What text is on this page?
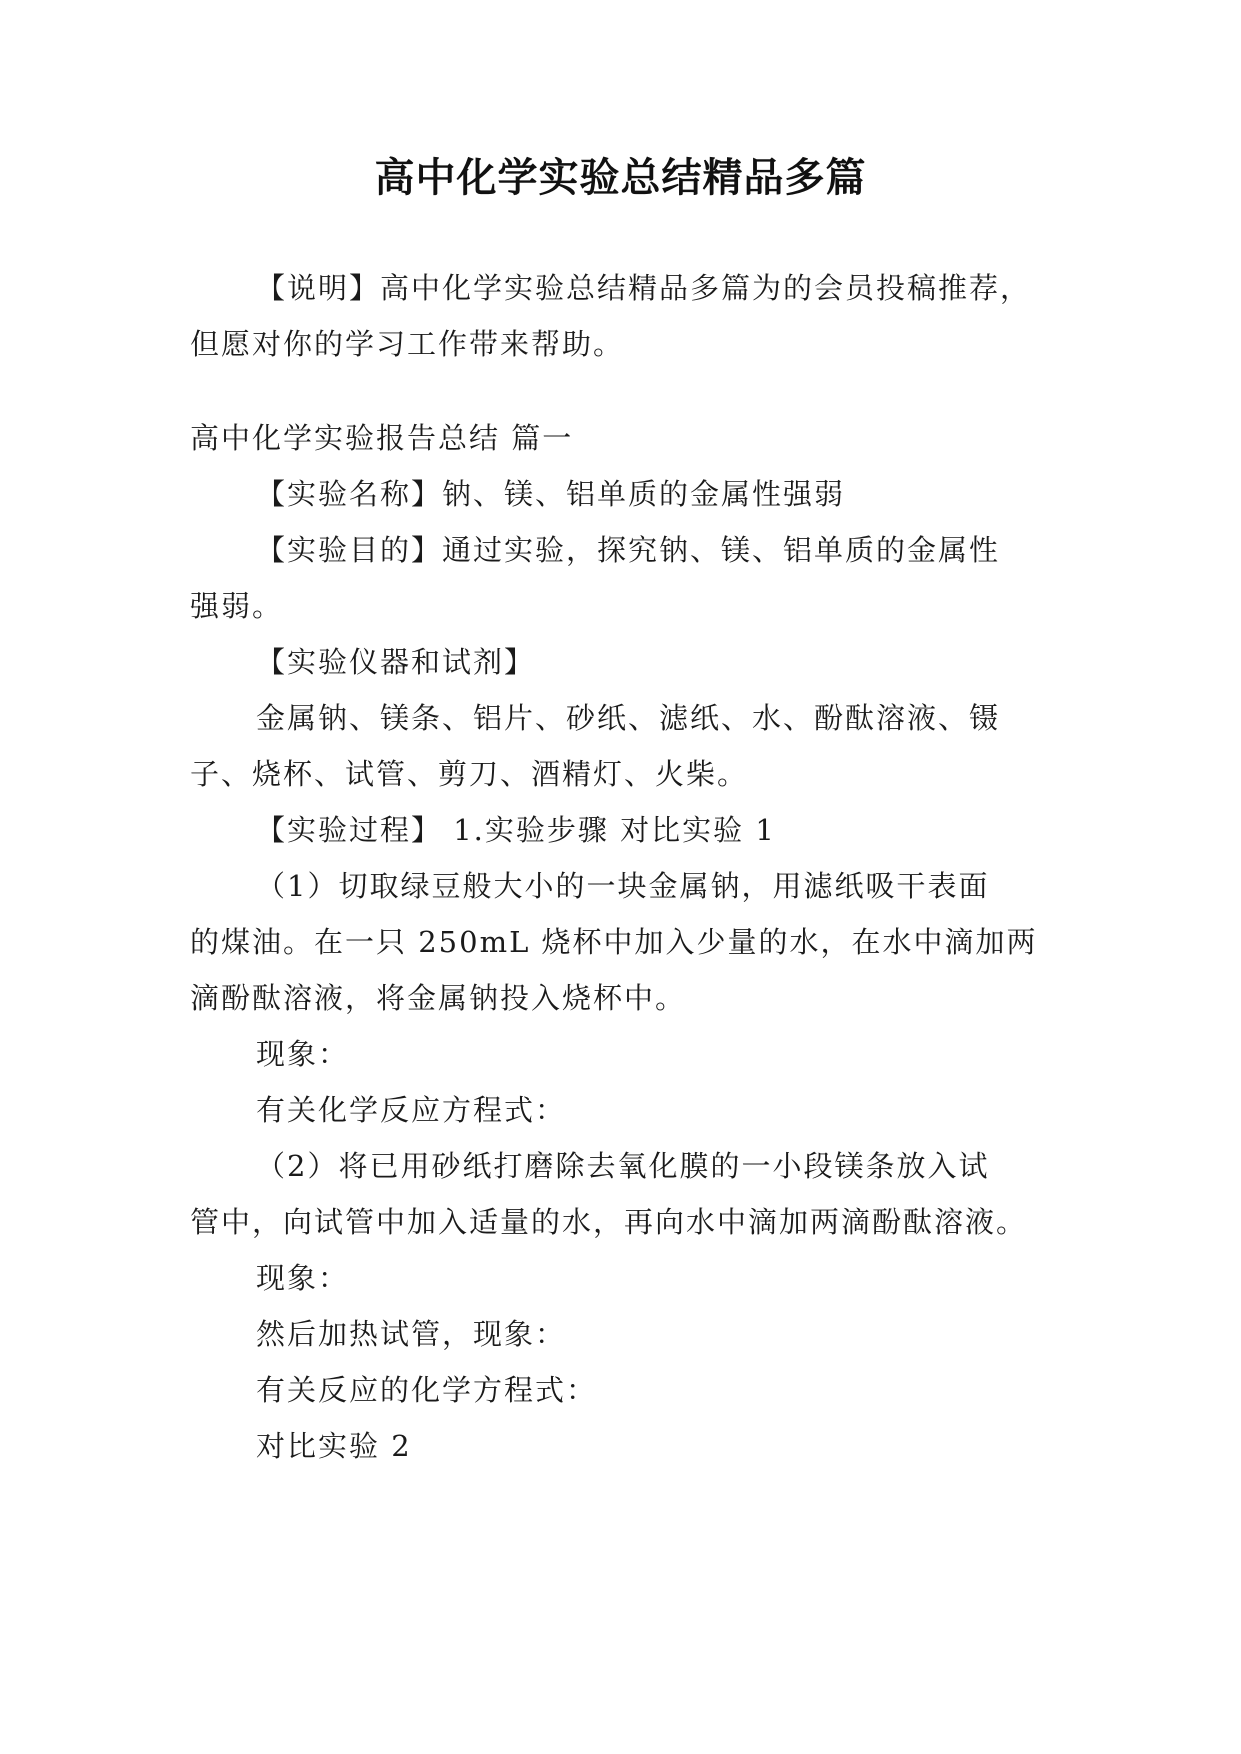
高中化学实验总结精品多篇

【说明】高中化学实验总结精品多篇为的会员投稿推荐，

但愿对你的学习工作带来帮助。

高中化学实验报告总结 篇一

【实验名称】钠、镁、铝单质的金属性强弱

【实验目的】通过实验，探究钠、镁、铝单质的金属性

强弱。

【实验仪器和试剂】

金属钠、镁条、铝片、砂纸、滤纸、水、酚酞溶液、镊

子、烧杯、试管、剪刀、酒精灯、火柴。

【实验过程】 1.实验步骤 对比实验 1

（1）切取绿豆般大小的一块金属钠，用滤纸吸干表面

的煤油。在一只 250mL 烧杯中加入少量的水，在水中滴加两

滴酚酞溶液，将金属钠投入烧杯中。

现象：

有关化学反应方程式：

（2）将已用砂纸打磨除去氧化膜的一小段镁条放入试

管中，向试管中加入适量的水，再向水中滴加两滴酚酞溶液。

现象：

然后加热试管，现象：

有关反应的化学方程式：

对比实验 2
